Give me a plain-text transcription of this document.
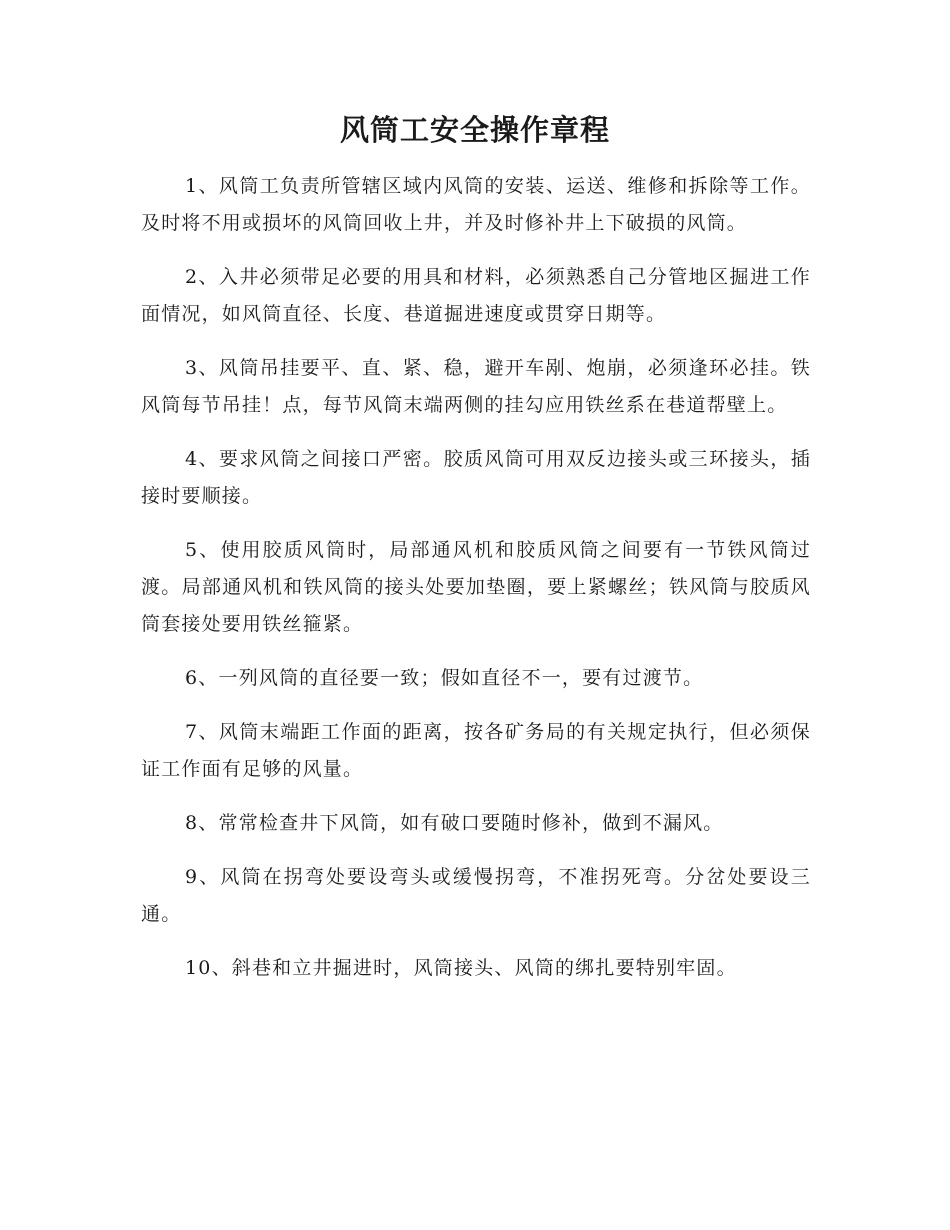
风筒工安全操作章程

1、风筒工负责所管辖区域内风筒的安装、运送、维修和拆除等工作。及时将不用或损坏的风筒回收上井，并及时修补井上下破损的风筒。

2、入井必须带足必要的用具和材料，必须熟悉自己分管地区掘进工作面情况，如风筒直径、长度、巷道掘进速度或贯穿日期等。

3、风筒吊挂要平、直、紧、稳，避开车剐、炮崩，必须逢环必挂。铁风筒每节吊挂！点，每节风筒末端两侧的挂勾应用铁丝系在巷道帮壁上。

4、要求风筒之间接口严密。胶质风筒可用双反边接头或三环接头，插接时要顺接。

5、使用胶质风筒时，局部通风机和胶质风筒之间要有一节铁风筒过渡。局部通风机和铁风筒的接头处要加垫圈，要上紧螺丝；铁风筒与胶质风筒套接处要用铁丝箍紧。

6、一列风筒的直径要一致；假如直径不一，要有过渡节。

7、风筒末端距工作面的距离，按各矿务局的有关规定执行，但必须保证工作面有足够的风量。

8、常常检查井下风筒，如有破口要随时修补，做到不漏风。

9、风筒在拐弯处要设弯头或缓慢拐弯，不准拐死弯。分岔处要设三通。

10、斜巷和立井掘进时，风筒接头、风筒的绑扎要特别牢固。
